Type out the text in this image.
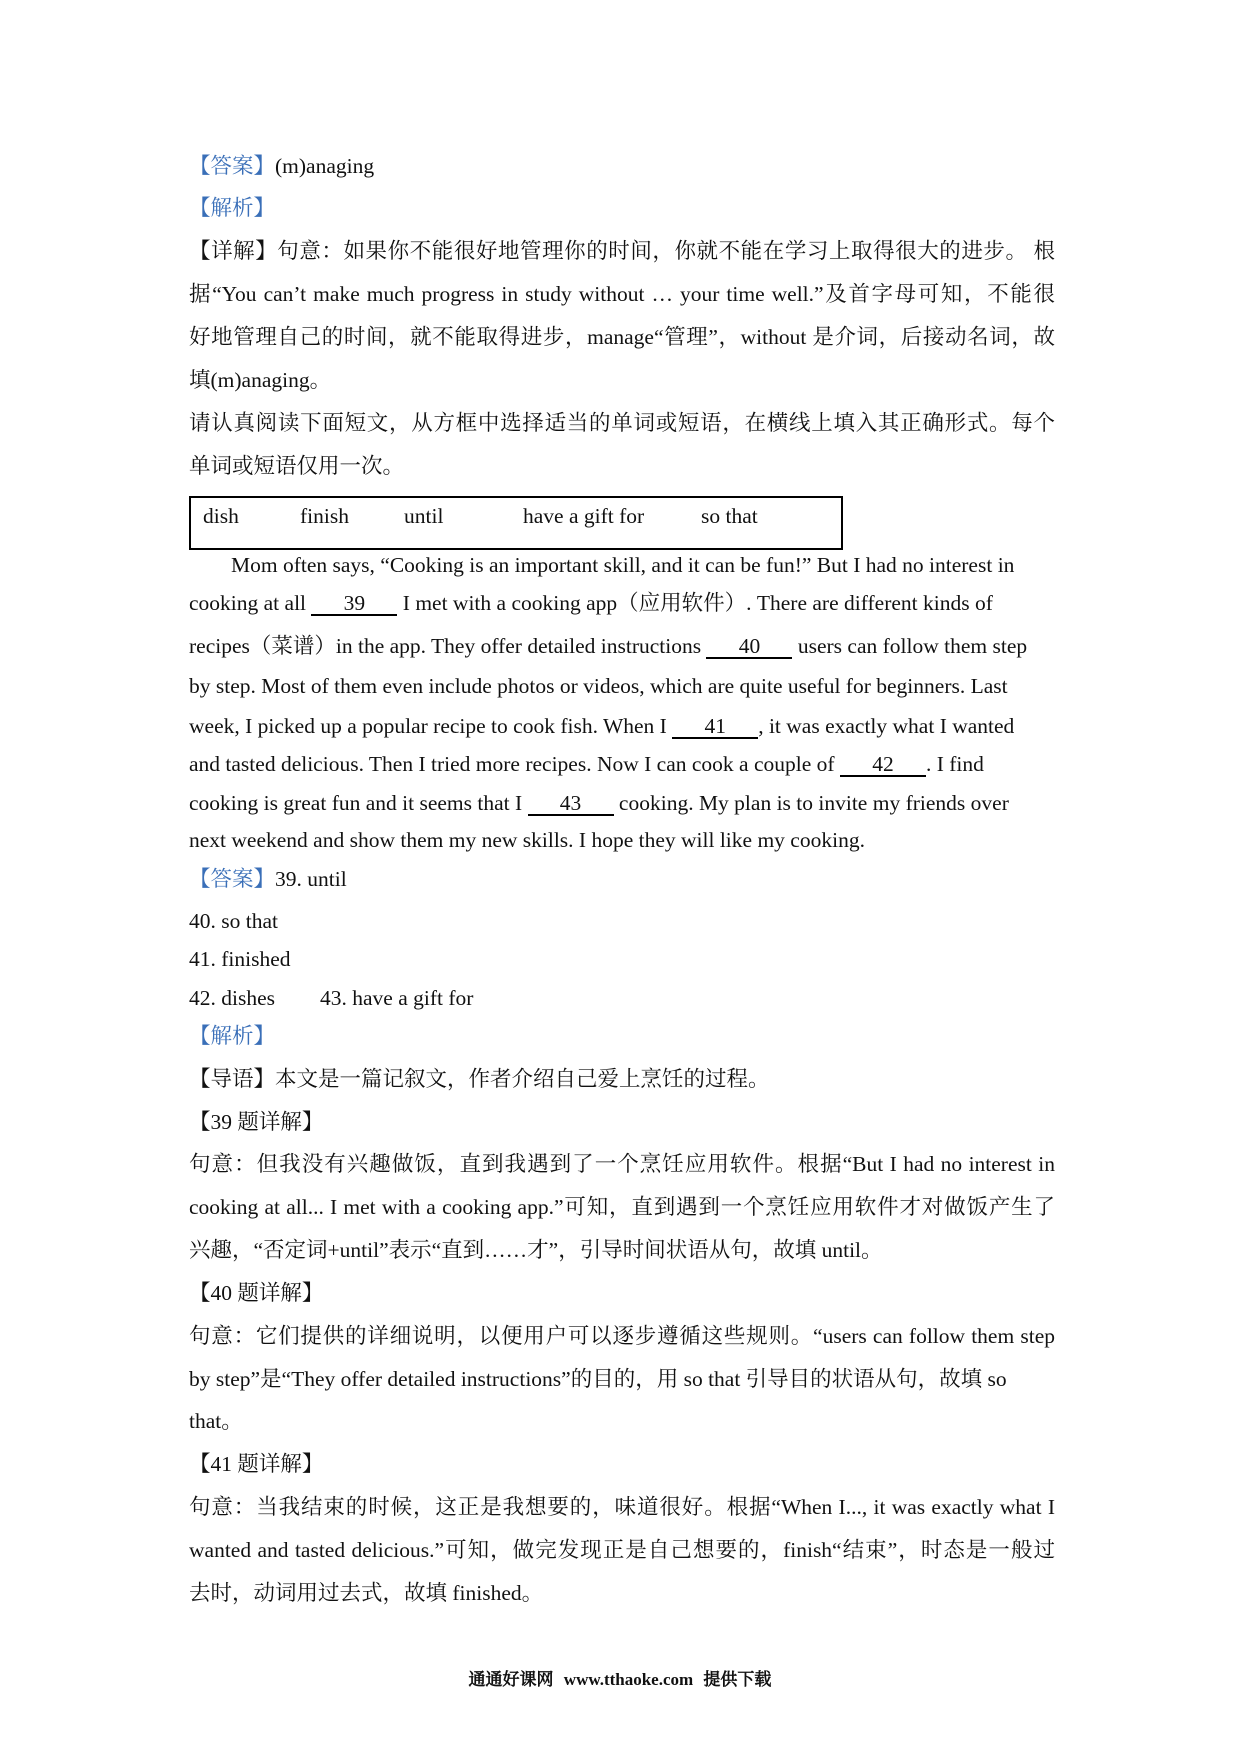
【答案】(m)anaging
【解析】
【详解】句意：如果你不能很好地管理你的时间，你就不能在学习上取得很大的进步。 根
据“You can’t make much progress in study without … your time well.”及首字母可知，不能很
好地管理自己的时间，就不能取得进步，manage“管理”，without 是介词，后接动名词，故
填(m)anaging。
请认真阅读下面短文，从方框中选择适当的单词或短语，在横线上填入其正确形式。每个
单词或短语仅用一次。
dish	finish	until	have a gift for	so that
Mom often says, “Cooking is an important skill, and it can be fun!” But I had no interest in
cooking at all 39 I met with a cooking app（应用软件）. There are different kinds of
recipes（菜谱）in the app. They offer detailed instructions 40 users can follow them step
by step. Most of them even include photos or videos, which are quite useful for beginners. Last
week, I picked up a popular recipe to cook fish. When I 41 , it was exactly what I wanted
and tasted delicious. Then I tried more recipes. Now I can cook a couple of 42 . I find
cooking is great fun and it seems that I 43 cooking. My plan is to invite my friends over
next weekend and show them my new skills. I hope they will like my cooking.
【答案】39. until
40. so that
41. finished
42. dishes 43. have a gift for
【解析】
【导语】本文是一篇记叙文，作者介绍自己爱上烹饪的过程。
【39 题详解】
句意：但我没有兴趣做饭，直到我遇到了一个烹饪应用软件。根据“But I had no interest in
cooking at all... I met with a cooking app.”可知，直到遇到一个烹饪应用软件才对做饭产生了
兴趣，“否定词+until”表示“直到……才”，引导时间状语从句，故填 until。
【40 题详解】
句意：它们提供的详细说明，以便用户可以逐步遵循这些规则。“users can follow them step
by step”是“They offer detailed instructions”的目的，用 so that 引导目的状语从句，故填 so
that。
【41 题详解】
句意：当我结束的时候，这正是我想要的，味道很好。根据“When I..., it was exactly what I
wanted and tasted delicious.”可知，做完发现正是自己想要的，finish“结束”，时态是一般过
去时，动词用过去式，故填 finished。
通通好课网 www.tthaoke.com 提供下载
